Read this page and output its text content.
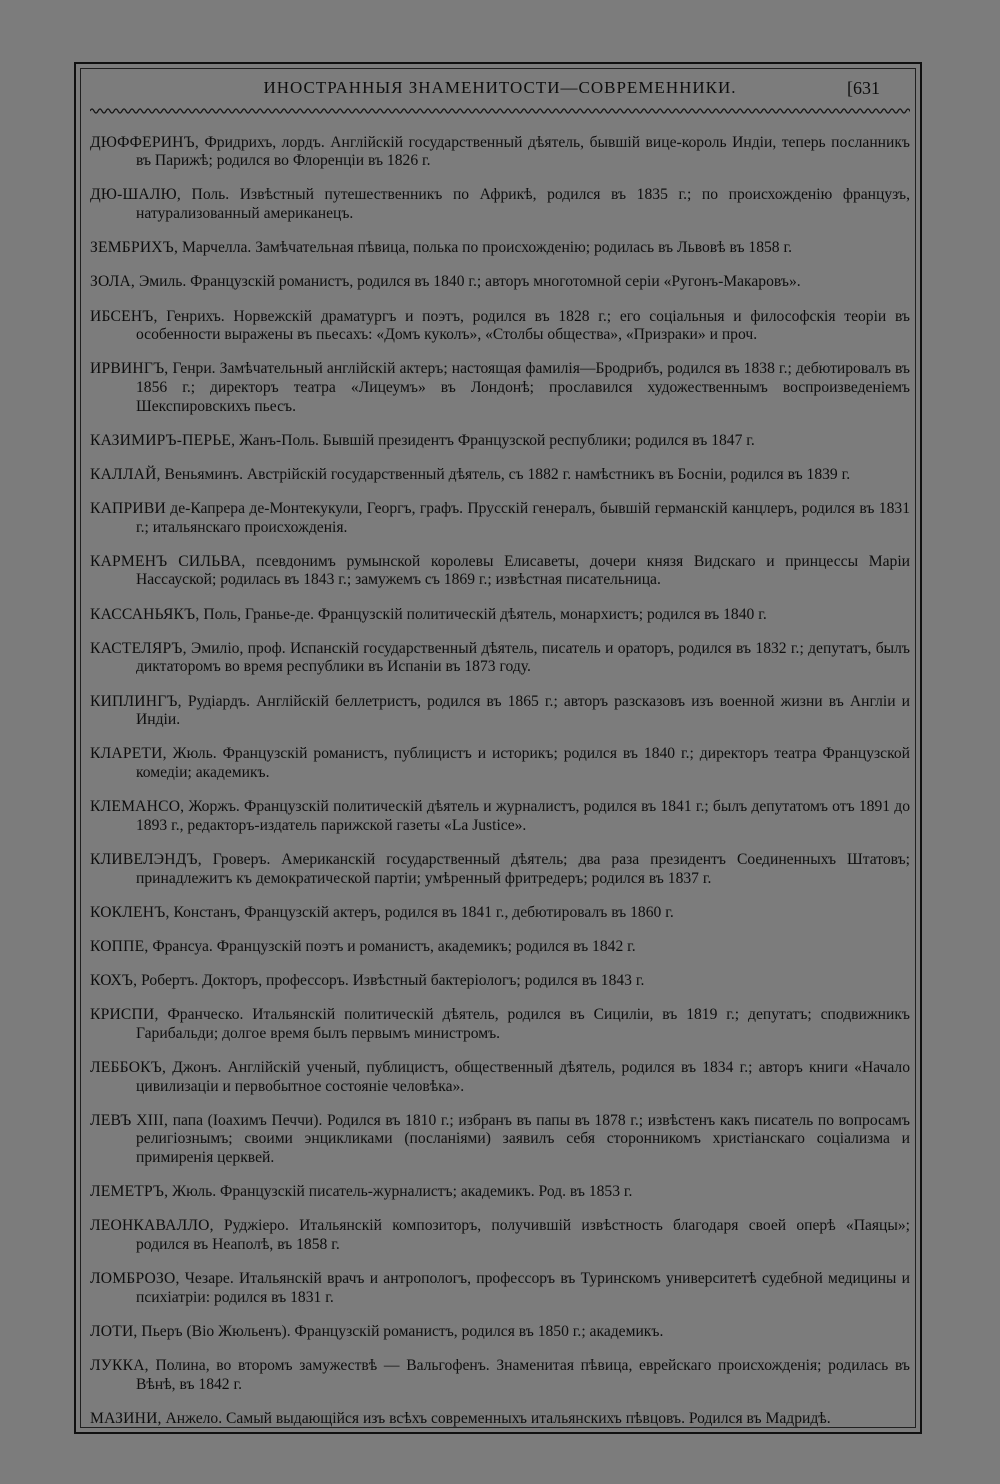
ИНОСТРАННЫЯ ЗНАМЕНИТОСТИ—СОВРЕМЕННИКИ.	[631

ДЮФФЕРИНЪ, Фридрихъ, лордъ. Англійскій государственный дѣятель, бывшій вице-король Индіи, теперь посланникъ въ Парижѣ; родился во Флоренціи въ 1826 г.

ДЮ-ШАЛЮ, Поль. Извѣстный путешественникъ по Африкѣ, родился въ 1835 г.; по происхожденію французъ, натурализованный американецъ.

ЗЕМБРИХЪ, Марчелла. Замѣчательная пѣвица, полька по происхожденію; родилась въ Львовѣ въ 1858 г.

ЗОЛА, Эмиль. Французскій романистъ, родился въ 1840 г.; авторъ многотомной серіи «Ругонъ-Макаровъ».

ИБСЕНЪ, Генрихъ. Норвежскій драматургъ и поэтъ, родился въ 1828 г.; его соціальныя и философскія теоріи въ особенности выражены въ пьесахъ: «Домъ куколъ», «Столбы общества», «Призраки» и проч.

ИРВИНГЪ, Генри. Замѣчательный англійскій актеръ; настоящая фамилія—Бродрибъ, родился въ 1838 г.; дебютировалъ въ 1856 г.; директоръ театра «Лицеумъ» въ Лондонѣ; прославился художественнымъ воспроизведеніемъ Шекспировскихъ пьесъ.

КАЗИМИРЪ-ПЕРЬЕ, Жанъ-Поль. Бывшій президентъ Французской республики; родился въ 1847 г.

КАЛЛАЙ, Веньяминъ. Австрійскій государственный дѣятель, съ 1882 г. намѣстникъ въ Босніи, родился въ 1839 г.

КАПРИВИ де-Капрера де-Монтекукули, Георгъ, графъ. Прусскій генералъ, бывшій германскій канцлеръ, родился въ 1831 г.; итальянскаго происхожденія.

КАРМЕНЪ СИЛЬВА, псевдонимъ румынской королевы Елисаветы, дочери князя Видскаго и принцессы Маріи Нассауской; родилась въ 1843 г.; замужемъ съ 1869 г.; извѣстная писательница.

КАССАНЬЯКЪ, Поль, Гранье-де. Французскій политическій дѣятель, монархистъ; родился въ 1840 г.

КАСТЕЛЯРЪ, Эмиліо, проф. Испанскій государственный дѣятель, писатель и ораторъ, родился въ 1832 г.; депутатъ, былъ диктаторомъ во время республики въ Испаніи въ 1873 году.

КИПЛИНГЪ, Рудіардъ. Англійскій беллетристъ, родился въ 1865 г.; авторъ разсказовъ изъ военной жизни въ Англіи и Индіи.

КЛАРЕТИ, Жюль. Французскій романистъ, публицистъ и историкъ; родился въ 1840 г.; директоръ театра Французской комедіи; академикъ.

КЛЕМАНСО, Жоржъ. Французскій политическій дѣятель и журналистъ, родился въ 1841 г.; былъ депутатомъ отъ 1891 до 1893 г., редакторъ-издатель парижской газеты «La Justice».

КЛИВЕЛЭНДЪ, Гроверъ. Американскій государственный дѣятель; два раза президентъ Соединенныхъ Штатовъ; принадлежитъ къ демократической партіи; умѣренный фритредеръ; родился въ 1837 г.

КОКЛЕНЪ, Констанъ, Французскій актеръ, родился въ 1841 г., дебютировалъ въ 1860 г.

КОППЕ, Франсуа. Французскій поэтъ и романистъ, академикъ; родился въ 1842 г.

КОХЪ, Робертъ. Докторъ, профессоръ. Извѣстный бактеріологъ; родился въ 1843 г.

КРИСПИ, Франческо. Итальянскій политическій дѣятель, родился въ Сициліи, въ 1819 г.; депутатъ; сподвижникъ Гарибальди; долгое время былъ первымъ министромъ.

ЛЕББОКЪ, Джонъ. Англійскій ученый, публицистъ, общественный дѣятель, родился въ 1834 г.; авторъ книги «Начало цивилизаціи и первобытное состояніе человѣка».

ЛЕВЪ XIII, папа (Іоахимъ Печчи). Родился въ 1810 г.; избранъ въ папы въ 1878 г.; извѣстенъ какъ писатель по вопросамъ религіознымъ; своими энцикликами (посланіями) заявилъ себя сторонникомъ христіанскаго соціализма и примиренія церквей.

ЛЕМЕТРЪ, Жюль. Французскій писатель-журналистъ; академикъ. Род. въ 1853 г.

ЛЕОНКАВАЛЛО, Руджіеро. Итальянскій композиторъ, получившій извѣстность благодаря своей оперѣ «Паяцы»; родился въ Неаполѣ, въ 1858 г.

ЛОМБРОЗО, Чезаре. Итальянскій врачъ и антропологъ, профессоръ въ Туринскомъ университетѣ судебной медицины и психіатріи: родился въ 1831 г.

ЛОТИ, Пьеръ (Віо Жюльенъ). Французскій романистъ, родился въ 1850 г.; академикъ.

ЛУККА, Полина, во второмъ замужествѣ — Вальгофенъ. Знаменитая пѣвица, еврейскаго происхожденія; родилась въ Вѣнѣ, въ 1842 г.

МАЗИНИ, Анжело. Самый выдающійся изъ всѣхъ современныхъ итальянскихъ пѣвцовъ. Родился въ Мадридѣ.
